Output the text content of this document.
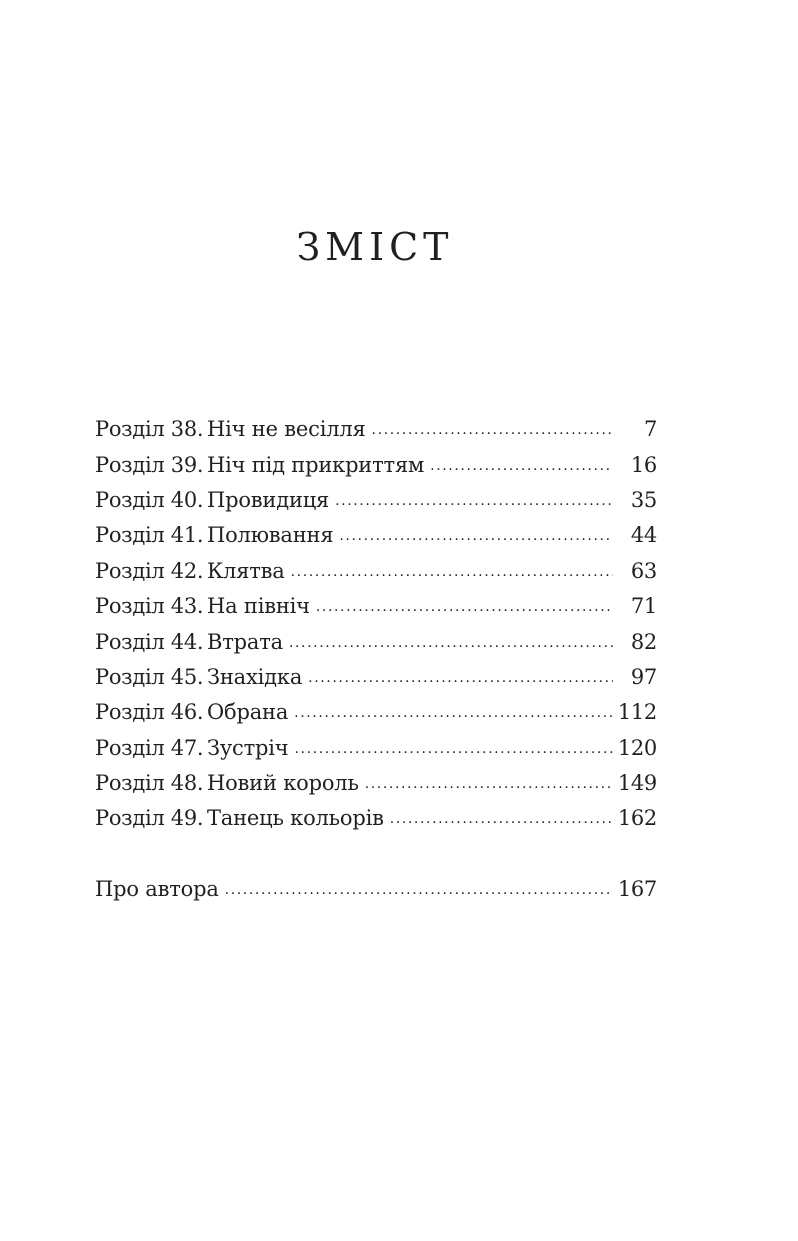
ЗМІСТ
Розділ 38. Ніч не весілля .....	7
Розділ 39. Ніч під прикриттям .....	16
Розділ 40. Провидиця .....	35
Розділ 41. Полювання .....	44
Розділ 42. Клятва .....	63
Розділ 43. На північ .....	71
Розділ 44. Втрата .....	82
Розділ 45. Знахідка .....	97
Розділ 46. Обрана .....	112
Розділ 47. Зустріч .....	120
Розділ 48. Новий король .....	149
Розділ 49. Танець кольорів .....	162
Про автора .....	167
